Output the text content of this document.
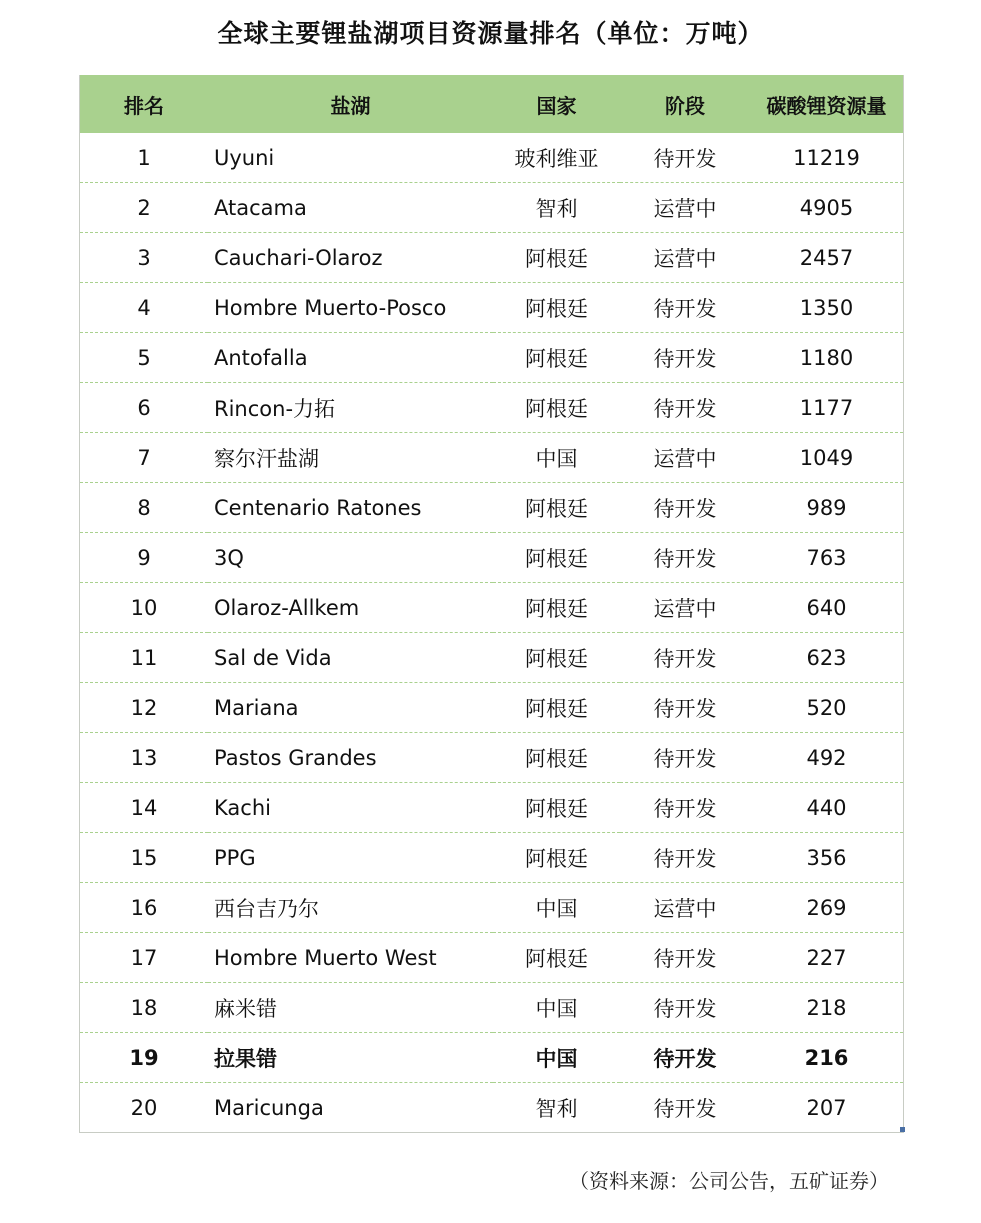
全球主要锂盐湖项目资源量排名（单位：万吨）
排名	盐湖	国家	阶段	碳酸锂资源量
1	Uyuni	玻利维亚	待开发	11219
2	Atacama	智利	运营中	4905
3	Cauchari-Olaroz	阿根廷	运营中	2457
4	Hombre Muerto-Posco	阿根廷	待开发	1350
5	Antofalla	阿根廷	待开发	1180
6	Rincon-力拓	阿根廷	待开发	1177
7	察尔汗盐湖	中国	运营中	1049
8	Centenario Ratones	阿根廷	待开发	989
9	3Q	阿根廷	待开发	763
10	Olaroz-Allkem	阿根廷	运营中	640
11	Sal de Vida	阿根廷	待开发	623
12	Mariana	阿根廷	待开发	520
13	Pastos Grandes	阿根廷	待开发	492
14	Kachi	阿根廷	待开发	440
15	PPG	阿根廷	待开发	356
16	西台吉乃尔	中国	运营中	269
17	Hombre Muerto West	阿根廷	待开发	227
18	麻米错	中国	待开发	218
19	拉果错	中国	待开发	216
20	Maricunga	智利	待开发	207
（资料来源：公司公告，五矿证券）
